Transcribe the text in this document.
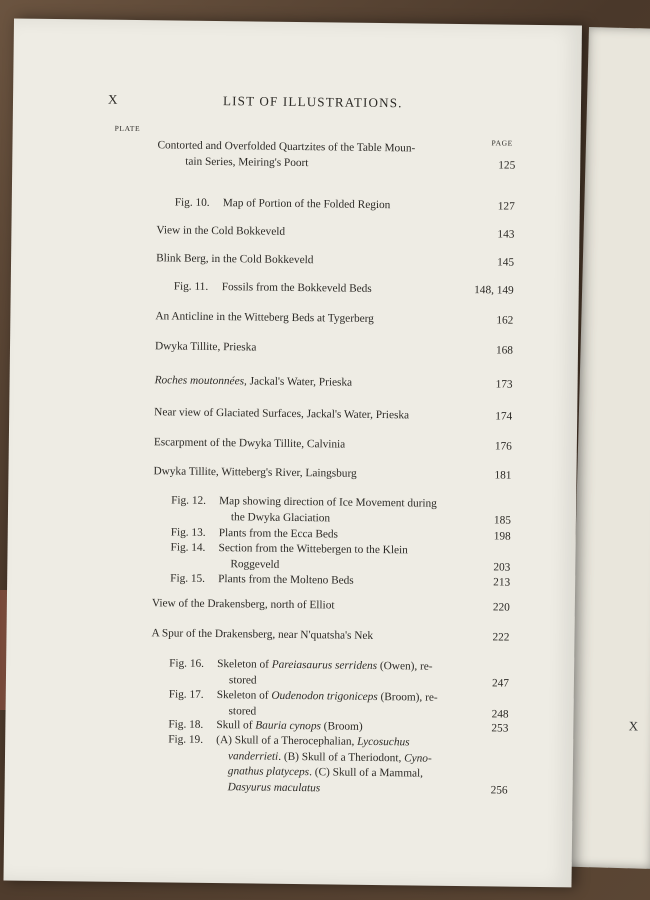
X
X	LIST OF ILLUSTRATIONS.
PLATE
PAGE
Contorted and Overfolded Quartzites of the Table Moun-
tain Series, Meiring's Poort	125
Fig. 10. Map of Portion of the Folded Region	127
View in the Cold Bokkeveld	143
Blink Berg, in the Cold Bokkeveld	145
Fig. 11. Fossils from the Bokkeveld Beds	148, 149
An Anticline in the Witteberg Beds at Tygerberg	162
Dwyka Tillite, Prieska	168
Roches moutonnées, Jackal's Water, Prieska	173
Near view of Glaciated Surfaces, Jackal's Water, Prieska	174
Escarpment of the Dwyka Tillite, Calvinia	176
Dwyka Tillite, Witteberg's River, Laingsburg	181
Fig. 12. Map showing direction of Ice Movement during
the Dwyka Glaciation	185
Fig. 13. Plants from the Ecca Beds	198
Fig. 14. Section from the Wittebergen to the Klein
Roggeveld	203
Fig. 15. Plants from the Molteno Beds	213
View of the Drakensberg, north of Elliot	220
A Spur of the Drakensberg, near N'quatsha's Nek	222
Fig. 16. Skeleton of Pareiasaurus serridens (Owen), re-
stored	247
Fig. 17. Skeleton of Oudenodon trigoniceps (Broom), re-
stored	248
Fig. 18. Skull of Bauria cynops (Broom)	253
Fig. 19. (A) Skull of a Therocephalian, Lycosuchus
vanderrieti. (B) Skull of a Theriodont, Cyno-
gnathus platyceps. (C) Skull of a Mammal,
Dasyurus maculatus	256
